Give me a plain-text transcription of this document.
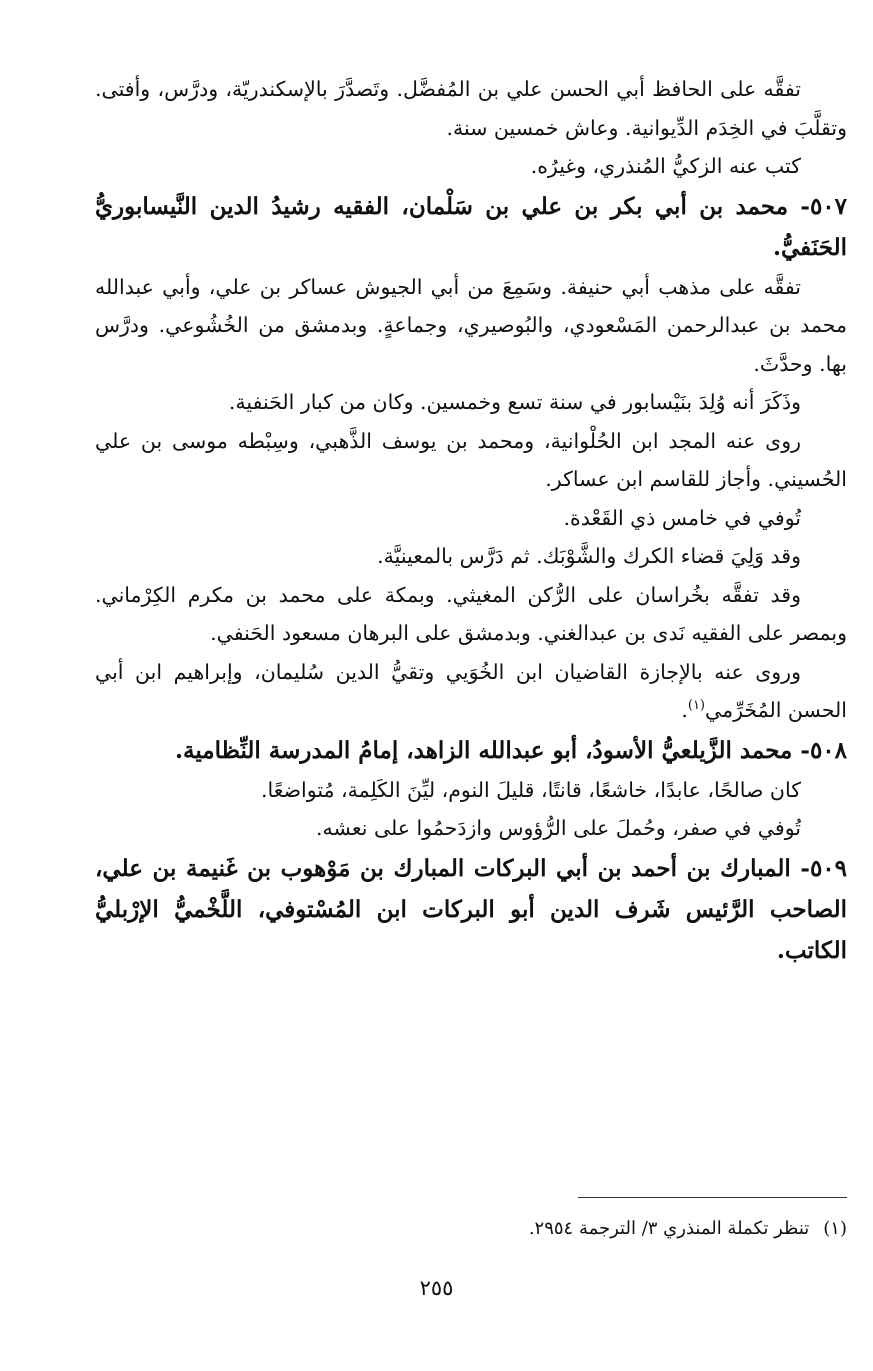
تفقَّه على الحافظ أبي الحسن علي بن المُفضَّل. وتَصدَّرَ بالإسكندريّة، ودرَّس، وأفتى. وتقلَّبَ في الخِدَم الدِّيوانية. وعاش خمسين سنة.

كتب عنه الزكيُّ المُنذري، وغيرُه.

٥٠٧- محمد بن أبي بكر بن علي بن سَلْمان، الفقيه رشيدُ الدين النَّيسابوريُّ الحَنَفيُّ.

تفقَّه على مذهب أبي حنيفة. وسَمِعَ من أبي الجيوش عساكر بن علي، وأبي عبدالله محمد بن عبدالرحمن المَسْعودي، والبُوصيري، وجماعةٍ. وبدمشق من الخُشُوعي. ودرَّس بها. وحدَّثَ.

وذَكَرَ أنه وُلِدَ بنَيْسابور في سنة تسع وخمسين. وكان من كبار الحَنفية.

روى عنه المجد ابن الحُلْوانية، ومحمد بن يوسف الذَّهبي، وسِبْطه موسى بن علي الحُسيني. وأجاز للقاسم ابن عساكر.

تُوفي في خامس ذي القَعْدة.

وقد وَلِيَ قضاء الكرك والشَّوْبَك. ثم دَرَّس بالمعينيَّة.

وقد تفقَّه بخُراسان على الرُّكن المغيثي. وبمكة على محمد بن مكرم الكِرْماني. وبمصر على الفقيه نَدى بن عبدالغني. وبدمشق على البرهان مسعود الحَنفي.

وروى عنه بالإجازة القاضيان ابن الخُوَيي وتقيُّ الدين سُليمان، وإبراهيم ابن أبي الحسن المُخَرِّمي$^{(١)}$.

٥٠٨- محمد الزَّيلعيُّ الأسودُ، أبو عبدالله الزاهد، إمامُ المدرسة النِّظامية.

كان صالحًا، عابدًا، خاشعًا، قانتًا، قليلَ النوم، ليِّنَ الكَلِمة، مُتواضعًا.

تُوفي في صفر، وحُملَ على الرُّؤوس وازدَحمُوا على نعشه.

٥٠٩- المبارك بن أحمد بن أبي البركات المبارك بن مَوْهوب بن غَنيمة بن علي، الصاحب الرَّئيس شَرف الدين أبو البركات ابن المُسْتوفي، اللَّخْميُّ الإرْبليُّ الكاتب.

(١)تنظر تكملة المنذري ٣/ الترجمة ٢٩٥٤.
٢٥٥
